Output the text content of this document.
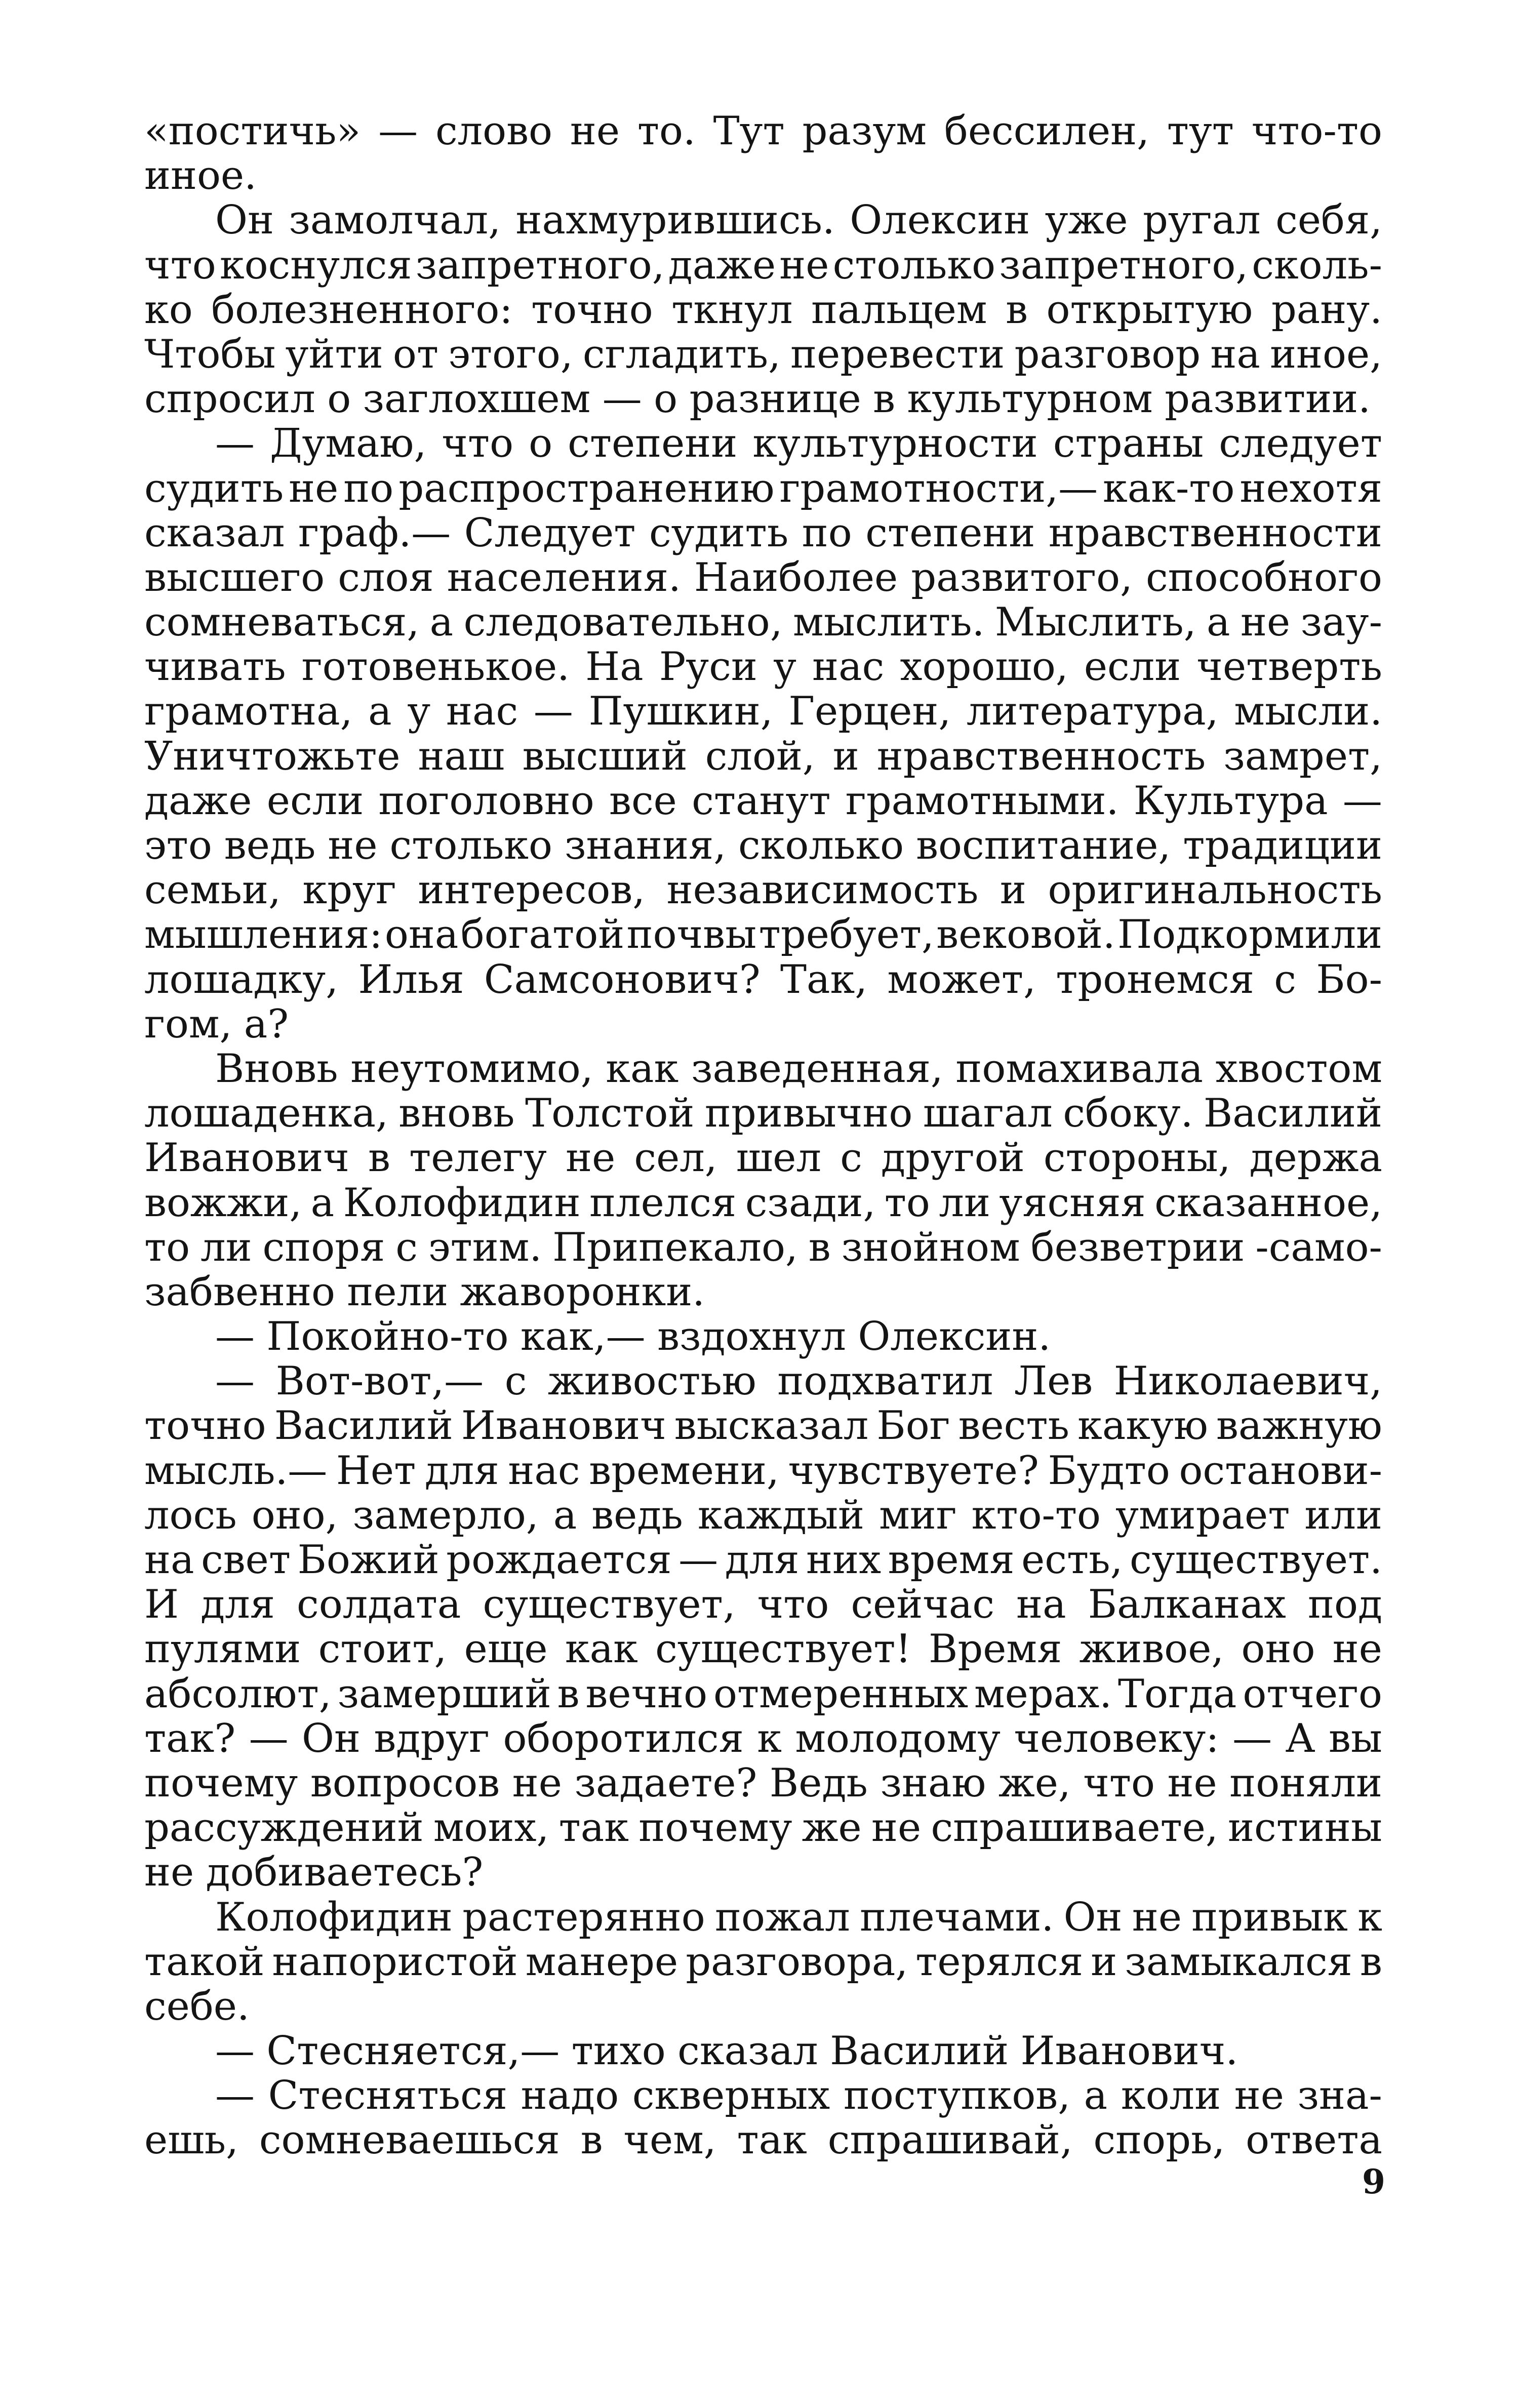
«постичь» — слово не то. Тут разум бессилен, тут что-то
иное.
Он замолчал, нахмурившись. Олексин уже ругал себя,
что коснулся запретного, даже не столько запретного, сколь-
ко болезненного: точно ткнул пальцем в открытую рану.
Чтобы уйти от этого, сгладить, перевести разговор на иное,
спросил о заглохшем — о разнице в культурном развитии.
— Думаю, что о степени культурности страны следует
судить не по распространению грамотности,— как-то нехотя
сказал граф.— Следует судить по степени нравственности
высшего слоя населения. Наиболее развитого, способного
сомневаться, а следовательно, мыслить. Мыслить, а не зау-
чивать готовенькое. На Руси у нас хорошо, если четверть
грамотна, а у нас — Пушкин, Герцен, литература, мысли.
Уничтожьте наш высший слой, и нравственность замрет,
даже если поголовно все станут грамотными. Культура —
это ведь не столько знания, сколько воспитание, традиции
семьи, круг интересов, независимость и оригинальность
мышления: она богатой почвы требует, вековой. Подкормили
лошадку, Илья Самсонович? Так, может, тронемся с Бо-
гом, а?
Вновь неутомимо, как заведенная, помахивала хвостом
лошаденка, вновь Толстой привычно шагал сбоку. Василий
Иванович в телегу не сел, шел с другой стороны, держа
вожжи, а Колофидин плелся сзади, то ли уясняя сказанное,
то ли споря с этим. Припекало, в знойном безветрии -само-
забвенно пели жаворонки.
— Покойно-то как,— вздохнул Олексин.
— Вот-вот,— с живостью подхватил Лев Николаевич,
точно Василий Иванович высказал Бог весть какую важную
мысль.— Нет для нас времени, чувствуете? Будто останови-
лось оно, замерло, а ведь каждый миг кто-то умирает или
на свет Божий рождается — для них время есть, существует.
И для солдата существует, что сейчас на Балканах под
пулями стоит, еще как существует! Время живое, оно не
абсолют, замерший в вечно отмеренных мерах. Тогда отчего
так? — Он вдруг оборотился к молодому человеку: — А вы
почему вопросов не задаете? Ведь знаю же, что не поняли
рассуждений моих, так почему же не спрашиваете, истины
не добиваетесь?
Колофидин растерянно пожал плечами. Он не привык к
такой напористой манере разговора, терялся и замыкался в
себе.
— Стесняется,— тихо сказал Василий Иванович.
— Стесняться надо скверных поступков, а коли не зна-
ешь, сомневаешься в чем, так спрашивай, спорь, ответа
9
